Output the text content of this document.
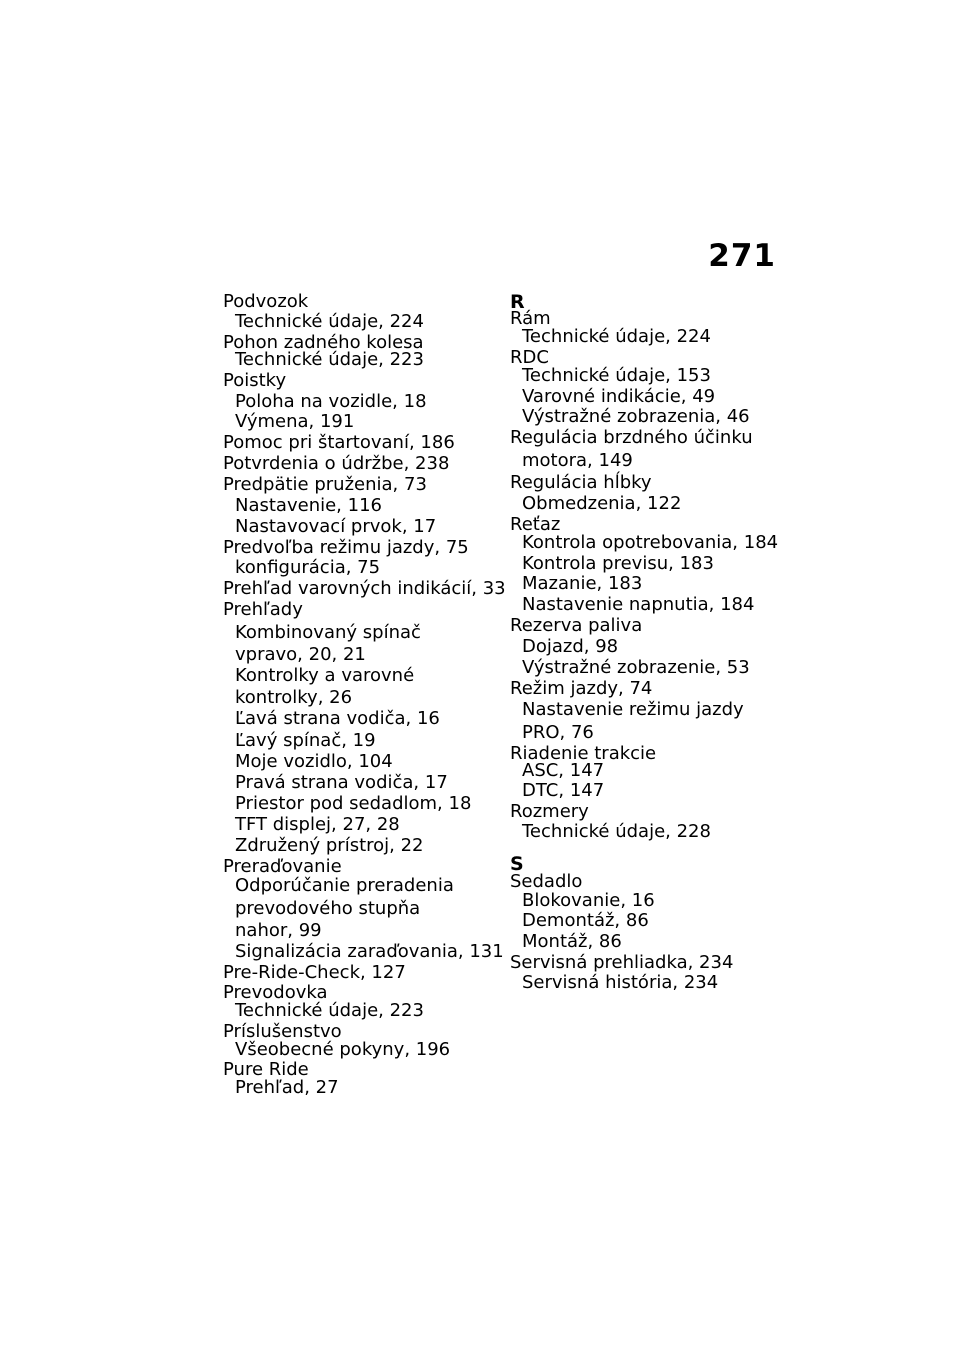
271
Podvozok
Technické údaje, 224
Pohon zadného kolesa
Technické údaje, 223
Poistky
Poloha na vozidle, 18
Výmena, 191
Pomoc pri štartovaní, 186
Potvrdenia o údržbe, 238
Predpätie pruženia, 73
Nastavenie, 116
Nastavovací prvok, 17
Predvoľba režimu jazdy, 75
konfigurácia, 75
Prehľad varovných indikácií, 33
Prehľady
Kombinovaný spínač
vpravo, 20, 21
Kontrolky a varovné
kontrolky, 26
Ľavá strana vodiča, 16
Ľavý spínač, 19
Moje vozidlo, 104
Pravá strana vodiča, 17
Priestor pod sedadlom, 18
TFT displej, 27, 28
Združený prístroj, 22
Preraďovanie
Odporúčanie preradenia
prevodového stupňa
nahor, 99
Signalizácia zaraďovania, 131
Pre-Ride-Check, 127
Prevodovka
Technické údaje, 223
Príslušenstvo
Všeobecné pokyny, 196
Pure Ride
Prehľad, 27
R
Rám
Technické údaje, 224
RDC
Technické údaje, 153
Varovné indikácie, 49
Výstražné zobrazenia, 46
Regulácia brzdného účinku
motora, 149
Regulácia hĺbky
Obmedzenia, 122
Reťaz
Kontrola opotrebovania, 184
Kontrola previsu, 183
Mazanie, 183
Nastavenie napnutia, 184
Rezerva paliva
Dojazd, 98
Výstražné zobrazenie, 53
Režim jazdy, 74
Nastavenie režimu jazdy
PRO, 76
Riadenie trakcie
ASC, 147
DTC, 147
Rozmery
Technické údaje, 228
S
Sedadlo
Blokovanie, 16
Demontáž, 86
Montáž, 86
Servisná prehliadka, 234
Servisná história, 234
